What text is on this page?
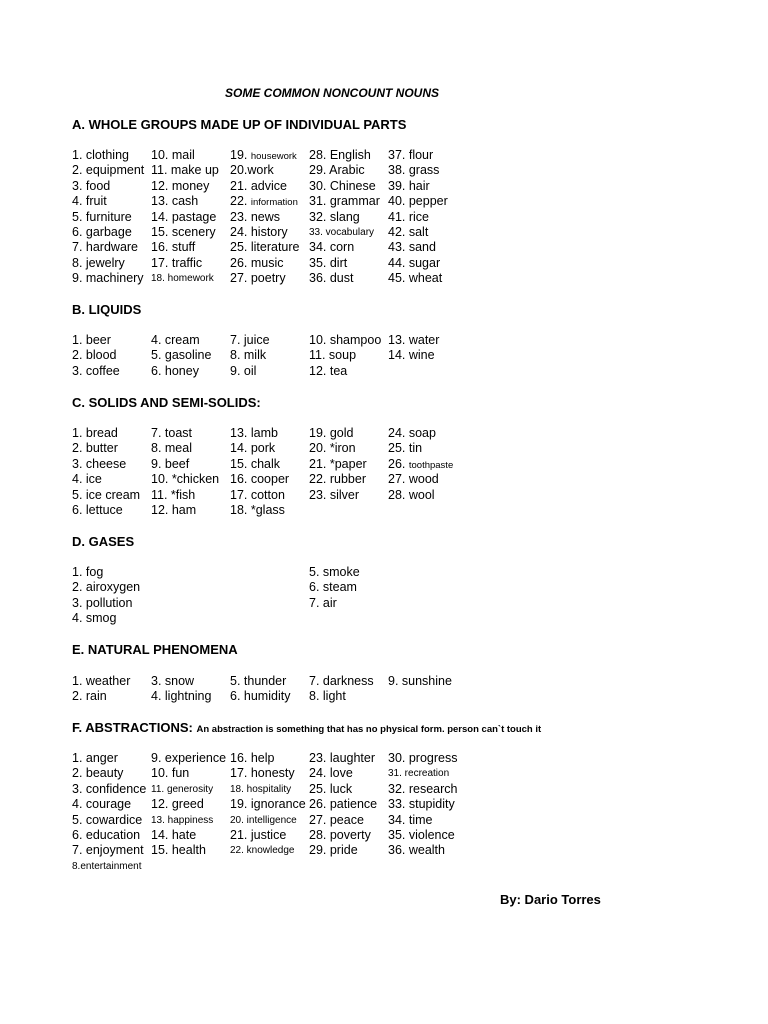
SOME COMMON NONCOUNT NOUNS
A. WHOLE GROUPS MADE UP OF INDIVIDUAL PARTS
1. clothing 10. mail	19. housework 28. English 37. flour
2. equipment 11. make up 20.work	29. Arabic 38. grass
3. food	12. money 21. advice 30. Chinese 39. hair
4. fruit	13. cash	22. information 31. grammar 40. pepper
5. furniture 14. pastage 23. news 32. slang 41. rice
6. garbage 15. scenery 24. history 33. vocabulary 42. salt
7. hardware 16. stuff	25. literature 34. corn	43. sand
8. jewelry 17. traffic 26. music 35. dirt	44. sugar
9. machinery 18. homework 27. poetry 36. dust	45. wheat
B. LIQUIDS
1. beer	4. cream 7. juice	10. shampoo 13. water
2. blood	5. gasoline 8. milk	11. soup	14. wine
3. coffee	6. honey 9. oil	12. tea
C. SOLIDS AND SEMI-SOLIDS:
1. bread	7. toast	13. lamb 19. gold	24. soap
2. butter	8. meal	14. pork	20. *iron	25. tin
3. cheese 9. beef	15. chalk 21. *paper 26. toothpaste
4. ice	10. *chicken 16. cooper 22. rubber 27. wood
5. ice cream 11. *fish	17. cotton 23. silver 28. wool
6. lettuce 12. ham	18. *glass
D. GASES
1. fog	5. smoke
2. airoxygen	6. steam
3. pollution	7. air
4. smog
E. NATURAL PHENOMENA
1. weather 3. snow	5. thunder 7. darkness 9. sunshine
2. rain	4. lightning 6. humidity 8. light
F. ABSTRACTIONS: An abstraction is something that has no physical form. person can`t touch it
1. anger	9. experience 16. help	23. laughter 30. progress
2. beauty 10. fun	17. honesty 24. love	31. recreation
3. confidence 11. generosity 18. hospitality 25. luck	32. research
4. courage 12. greed 19. ignorance 26. patience 33. stupidity
5. cowardice 13. happiness 20. intelligence 27. peace 34. time
6. education 14. hate	21. justice 28. poverty 35. violence
7. enjoyment 15. health 22. knowledge 29. pride 36. wealth
8.entertainment
By: Dario Torres
